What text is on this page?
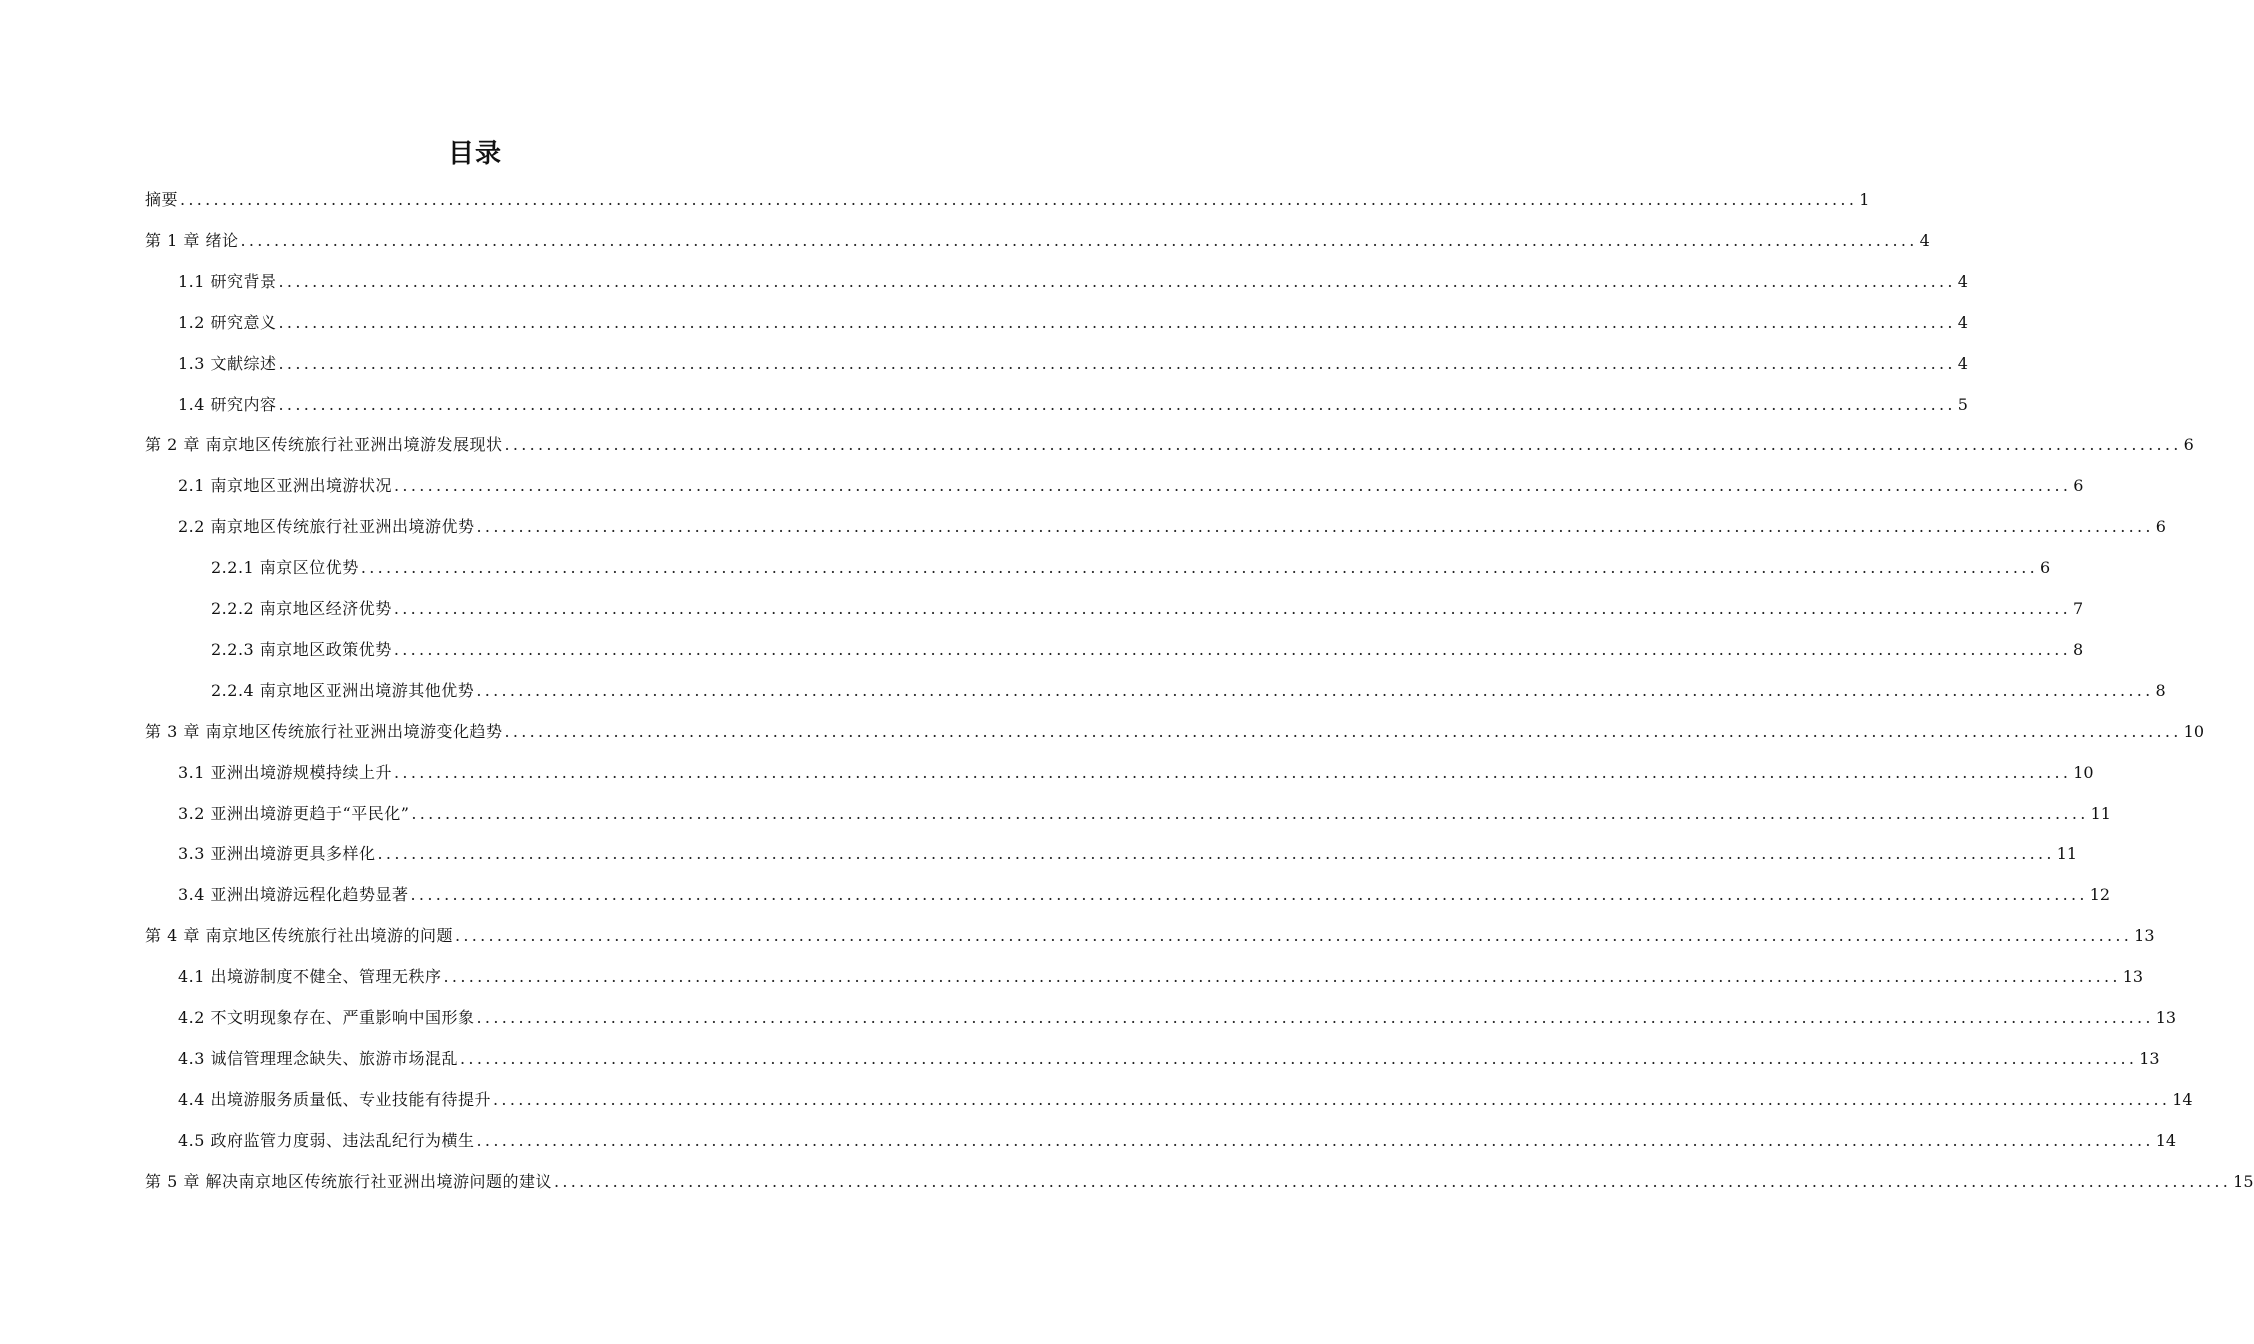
目录
摘要 ........................................................................................................................................................................................................ 1
第 1 章 绪论 ........................................................................................................................................................................................................ 4
1.1 研究背景 ........................................................................................................................................................................................................ 4
1.2 研究意义 ........................................................................................................................................................................................................ 4
1.3 文献综述 ........................................................................................................................................................................................................ 4
1.4 研究内容 ........................................................................................................................................................................................................ 5
第 2 章 南京地区传统旅行社亚洲出境游发展现状 ........................................................................................................................................................................................................ 6
2.1 南京地区亚洲出境游状况 ........................................................................................................................................................................................................ 6
2.2 南京地区传统旅行社亚洲出境游优势 ........................................................................................................................................................................................................ 6
2.2.1 南京区位优势 ........................................................................................................................................................................................................ 6
2.2.2 南京地区经济优势 ........................................................................................................................................................................................................ 7
2.2.3 南京地区政策优势 ........................................................................................................................................................................................................ 8
2.2.4 南京地区亚洲出境游其他优势 ........................................................................................................................................................................................................ 8
第 3 章 南京地区传统旅行社亚洲出境游变化趋势 ........................................................................................................................................................................................................ 10
3.1 亚洲出境游规模持续上升 ........................................................................................................................................................................................................ 10
3.2 亚洲出境游更趋于“平民化” ........................................................................................................................................................................................................ 11
3.3 亚洲出境游更具多样化 ........................................................................................................................................................................................................ 11
3.4 亚洲出境游远程化趋势显著 ........................................................................................................................................................................................................ 12
第 4 章 南京地区传统旅行社出境游的问题 ........................................................................................................................................................................................................ 13
4.1 出境游制度不健全、管理无秩序 ........................................................................................................................................................................................................ 13
4.2 不文明现象存在、严重影响中国形象 ........................................................................................................................................................................................................ 13
4.3 诚信管理理念缺失、旅游市场混乱 ........................................................................................................................................................................................................ 13
4.4 出境游服务质量低、专业技能有待提升 ........................................................................................................................................................................................................ 14
4.5 政府监管力度弱、违法乱纪行为横生 ........................................................................................................................................................................................................ 14
第 5 章 解决南京地区传统旅行社亚洲出境游问题的建议 ........................................................................................................................................................................................................ 15
